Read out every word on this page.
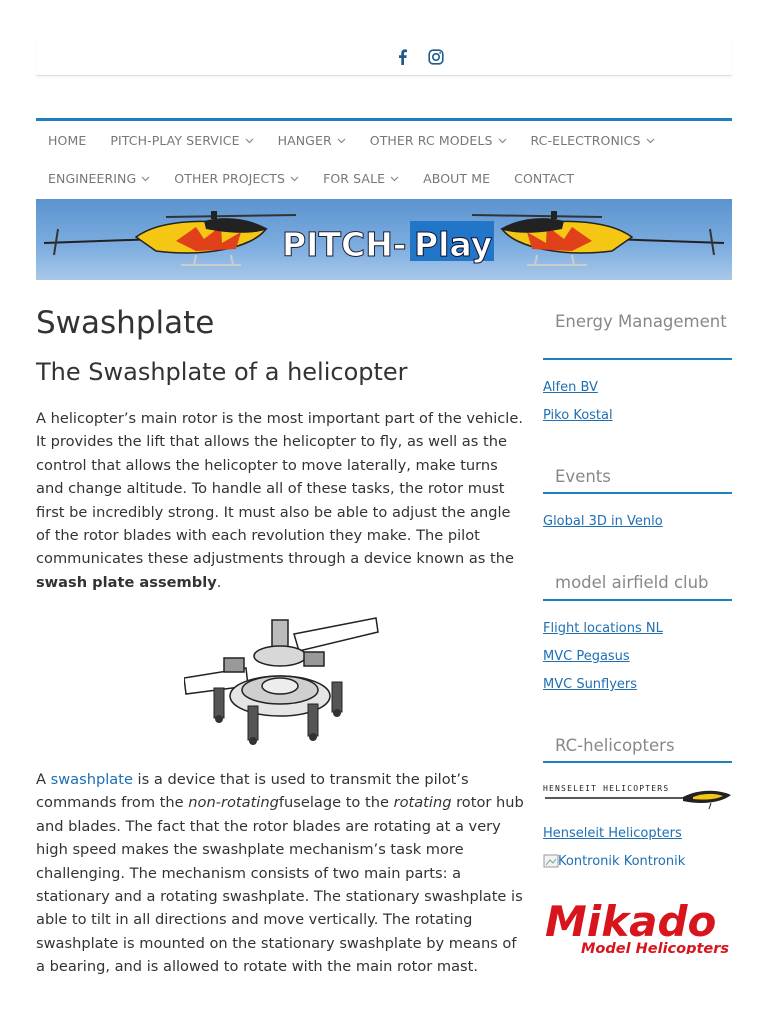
HOME PITCH-PLAY SERVICE	HANGER	OTHER RC MODELS	RC-ELECTRONICS
ENGINEERING	OTHER PROJECTS	FOR SALE	ABOUT ME CONTACT
PITCH- Play
Swashplate
The Swashplate of a helicopter

A helicopter’s main rotor is the most important part of the vehicle. It provides the lift that allows the helicopter to fly, as well as the control that allows the helicopter to move laterally, make turns and change altitude. To handle all of these tasks, the rotor must first be incredibly strong. It must also be able to adjust the angle of the rotor blades with each revolution they make. The pilot communicates these adjustments through a device known as the swash plate assembly.

A swashplate is a device that is used to transmit the pilot’s commands from the non-rotatingfuselage to the rotating rotor hub and blades. The fact that the rotor blades are rotating at a very high speed makes the swashplate mechanism’s task more challenging. The mechanism consists of two main parts: a stationary and a rotating swashplate. The stationary swashplate is able to tilt in all directions and move vertically. The rotating swashplate is mounted on the stationary swashplate by means of a bearing, and is allowed to rotate with the main rotor mast.

Energy Management
Alfen BV
Piko Kostal
Events
Global 3D in Venlo
model airfield club
Flight locations NL
MVC Pegasus
MVC Sunflyers
RC-helicopters
HENSELEIT HELICOPTERS
Henseleit Helicopters
Kontronik Kontronik
Mikado
Model Helicopters
